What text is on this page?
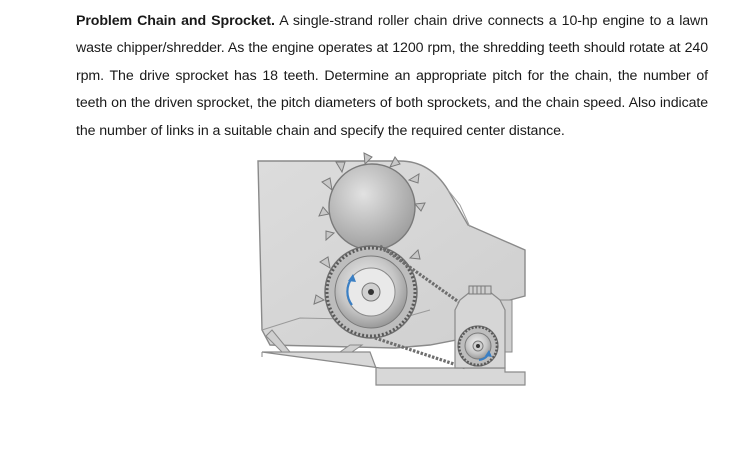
Problem Chain and Sprocket. A single-strand roller chain drive connects a 10-hp engine to a lawn waste chipper/shredder. As the engine operates at 1200 rpm, the shredding teeth should rotate at 240 rpm. The drive sprocket has 18 teeth. Determine an appropriate pitch for the chain, the number of teeth on the driven sprocket, the pitch diameters of both sprockets, and the chain speed. Also indicate the number of links in a suitable chain and specify the required center distance.
